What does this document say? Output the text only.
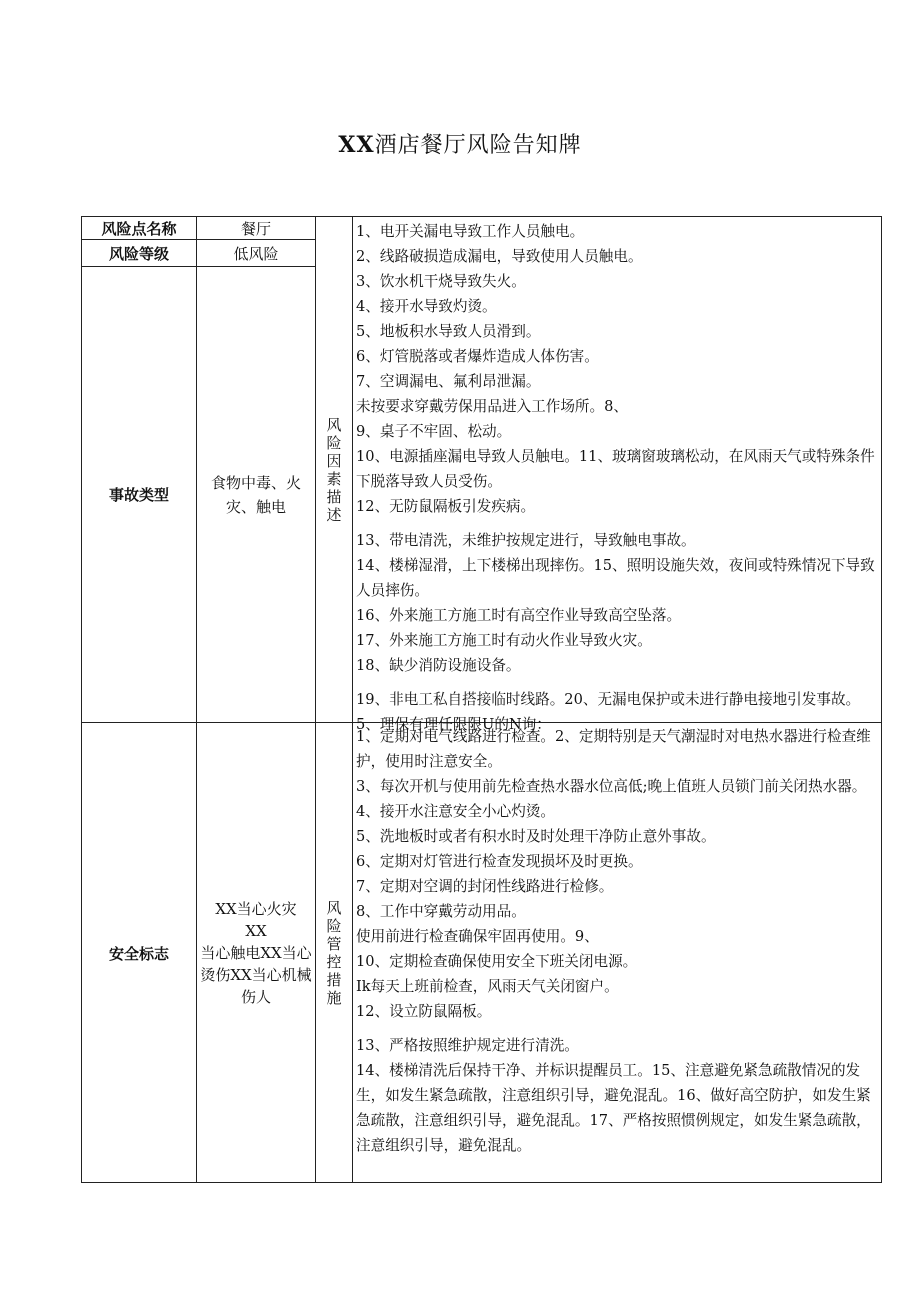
XX酒店餐厅风险告知牌
风险点名称	餐厅
风险等级	低风险
事故类型
食物中毒、火灾、触电
风险因素描述
1、电开关漏电导致工作人员触电。
2、线路破损造成漏电，导致使用人员触电。
3、饮水机干烧导致失火。
4、接开水导致灼烫。
5、地板积水导致人员滑到。
6、灯管脱落或者爆炸造成人体伤害。
7、空调漏电、氟利昂泄漏。
未按要求穿戴劳保用品进入工作场所。8、
9、桌子不牢固、松动。
10、电源插座漏电导致人员触电。11、玻璃窗玻璃松动，在风雨天气或特殊条件下脱落导致人员受伤。
12、无防鼠隔板引发疾病。
13、带电清洗，未维护按规定进行，导致触电事故。
14、楼梯湿滑，上下楼梯出现摔伤。15、照明设施失效，夜间或特殊情况下导致人员摔伤。
16、外来施工方施工时有高空作业导致高空坠落。
17、外来施工方施工时有动火作业导致火灾。
18、缺少消防设施设备。
19、非电工私自搭接临时线路。20、无漏电保护或未进行静电接地引发事故。5、理保有理任限限U的N询：
安全标志
XX当心火灾
XX
当心触电XX当心烫伤XX当心机械伤人
风险管控措施
1、定期对电气线路进行检查。2、定期特别是天气潮湿时对电热水器进行检查维护，使用时注意安全。
3、每次开机与使用前先检查热水器水位高低;晚上值班人员锁门前关闭热水器。
4、接开水注意安全小心灼烫。
5、洗地板时或者有积水时及时处理干净防止意外事故。
6、定期对灯管进行检查发现损坏及时更换。
7、定期对空调的封闭性线路进行检修。
8、工作中穿戴劳动用品。
使用前进行检查确保牢固再使用。9、
10、定期检查确保使用安全下班关闭电源。
Ik每天上班前检查，风雨天气关闭窗户。
12、设立防鼠隔板。
13、严格按照维护规定进行清洗。
14、楼梯清洗后保持干净、并标识提醒员工。15、注意避免紧急疏散情况的发生，如发生紧急疏散，注意组织引导，避免混乱。16、做好高空防护，如发生紧急疏散，注意组织引导，避免混乱。17、严格按照惯例规定，如发生紧急疏散，注意组织引导，避免混乱。
